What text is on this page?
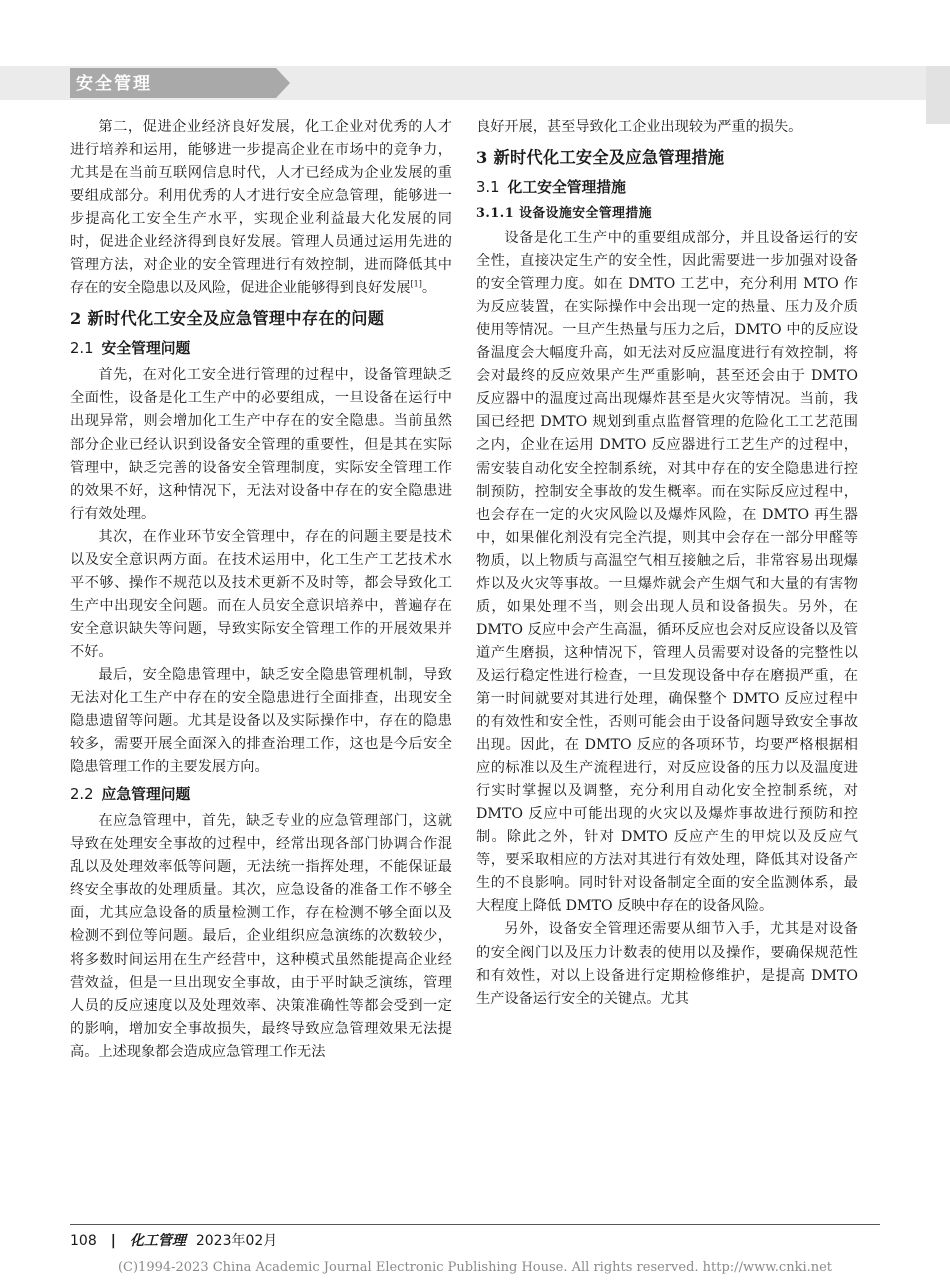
安全管理

第二，促进企业经济良好发展，化工企业对优秀的人才进行培养和运用，能够进一步提高企业在市场中的竞争力，尤其是在当前互联网信息时代，人才已经成为企业发展的重要组成部分。利用优秀的人才进行安全应急管理，能够进一步提高化工安全生产水平，实现企业利益最大化发展的同时，促进企业经济得到良好发展。管理人员通过运用先进的管理方法，对企业的安全管理进行有效控制，进而降低其中存在的安全隐患以及风险，促进企业能够得到良好发展[1]。

2 新时代化工安全及应急管理中存在的问题
2.1 安全管理问题

首先，在对化工安全进行管理的过程中，设备管理缺乏全面性，设备是化工生产中的必要组成，一旦设备在运行中出现异常，则会增加化工生产中存在的安全隐患。当前虽然部分企业已经认识到设备安全管理的重要性，但是其在实际管理中，缺乏完善的设备安全管理制度，实际安全管理工作的效果不好，这种情况下，无法对设备中存在的安全隐患进行有效处理。

其次，在作业环节安全管理中，存在的问题主要是技术以及安全意识两方面。在技术运用中，化工生产工艺技术水平不够、操作不规范以及技术更新不及时等，都会导致化工生产中出现安全问题。而在人员安全意识培养中，普遍存在安全意识缺失等问题，导致实际安全管理工作的开展效果并不好。

最后，安全隐患管理中，缺乏安全隐患管理机制，导致无法对化工生产中存在的安全隐患进行全面排查，出现安全隐患遗留等问题。尤其是设备以及实际操作中，存在的隐患较多，需要开展全面深入的排查治理工作，这也是今后安全隐患管理工作的主要发展方向。

2.2 应急管理问题

在应急管理中，首先，缺乏专业的应急管理部门，这就导致在处理安全事故的过程中，经常出现各部门协调合作混乱以及处理效率低等问题，无法统一指挥处理，不能保证最终安全事故的处理质量。其次，应急设备的准备工作不够全面，尤其应急设备的质量检测工作，存在检测不够全面以及检测不到位等问题。最后，企业组织应急演练的次数较少，将多数时间运用在生产经营中，这种模式虽然能提高企业经营效益，但是一旦出现安全事故，由于平时缺乏演练，管理人员的反应速度以及处理效率、决策准确性等都会受到一定的影响，增加安全事故损失，最终导致应急管理效果无法提高。上述现象都会造成应急管理工作无法

良好开展，甚至导致化工企业出现较为严重的损失。

3 新时代化工安全及应急管理措施
3.1 化工安全管理措施
3.1.1 设备设施安全管理措施

设备是化工生产中的重要组成部分，并且设备运行的安全性，直接决定生产的安全性，因此需要进一步加强对设备的安全管理力度。如在 DMTO 工艺中，充分利用 MTO 作为反应装置，在实际操作中会出现一定的热量、压力及介质使用等情况。一旦产生热量与压力之后，DMTO 中的反应设备温度会大幅度升高，如无法对反应温度进行有效控制，将会对最终的反应效果产生严重影响，甚至还会由于 DMTO 反应器中的温度过高出现爆炸甚至是火灾等情况。当前，我国已经把 DMTO 规划到重点监督管理的危险化工工艺范围之内，企业在运用 DMTO 反应器进行工艺生产的过程中，需安装自动化安全控制系统，对其中存在的安全隐患进行控制预防，控制安全事故的发生概率。而在实际反应过程中，也会存在一定的火灾风险以及爆炸风险，在 DMTO 再生器中，如果催化剂没有完全汽提，则其中会存在一部分甲醛等物质，以上物质与高温空气相互接触之后，非常容易出现爆炸以及火灾等事故。一旦爆炸就会产生烟气和大量的有害物质，如果处理不当，则会出现人员和设备损失。另外，在 DMTO 反应中会产生高温，循环反应也会对反应设备以及管道产生磨损，这种情况下，管理人员需要对设备的完整性以及运行稳定性进行检查，一旦发现设备中存在磨损严重，在第一时间就要对其进行处理，确保整个 DMTO 反应过程中的有效性和安全性，否则可能会由于设备问题导致安全事故出现。因此，在 DMTO 反应的各项环节，均要严格根据相应的标准以及生产流程进行，对反应设备的压力以及温度进行实时掌握以及调整，充分利用自动化安全控制系统，对 DMTO 反应中可能出现的火灾以及爆炸事故进行预防和控制。除此之外，针对 DMTO 反应产生的甲烷以及反应气等，要采取相应的方法对其进行有效处理，降低其对设备产生的不良影响。同时针对设备制定全面的安全监测体系，最大程度上降低 DMTO 反映中存在的设备风险。

另外，设备安全管理还需要从细节入手，尤其是对设备的安全阀门以及压力计数表的使用以及操作，要确保规范性和有效性，对以上设备进行定期检修维护，是提高 DMTO 生产设备运行安全的关键点。尤其

108 | 化工管理 2023年02月
(C)1994-2023 China Academic Journal Electronic Publishing House. All rights reserved. http://www.cnki.net
